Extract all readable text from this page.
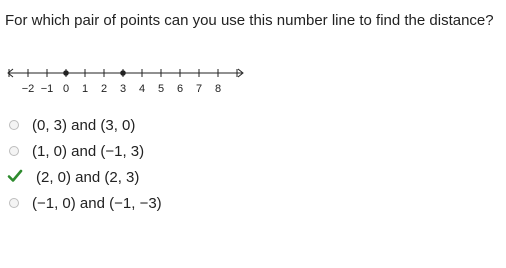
For which pair of points can you use this number line to find the distance?
−2 −1 0 1 2 3 4 5 6 7 8
(0, 3) and (3, 0)
(1, 0) and (−1, 3)
(2, 0) and (2, 3)
(−1, 0) and (−1, −3)
